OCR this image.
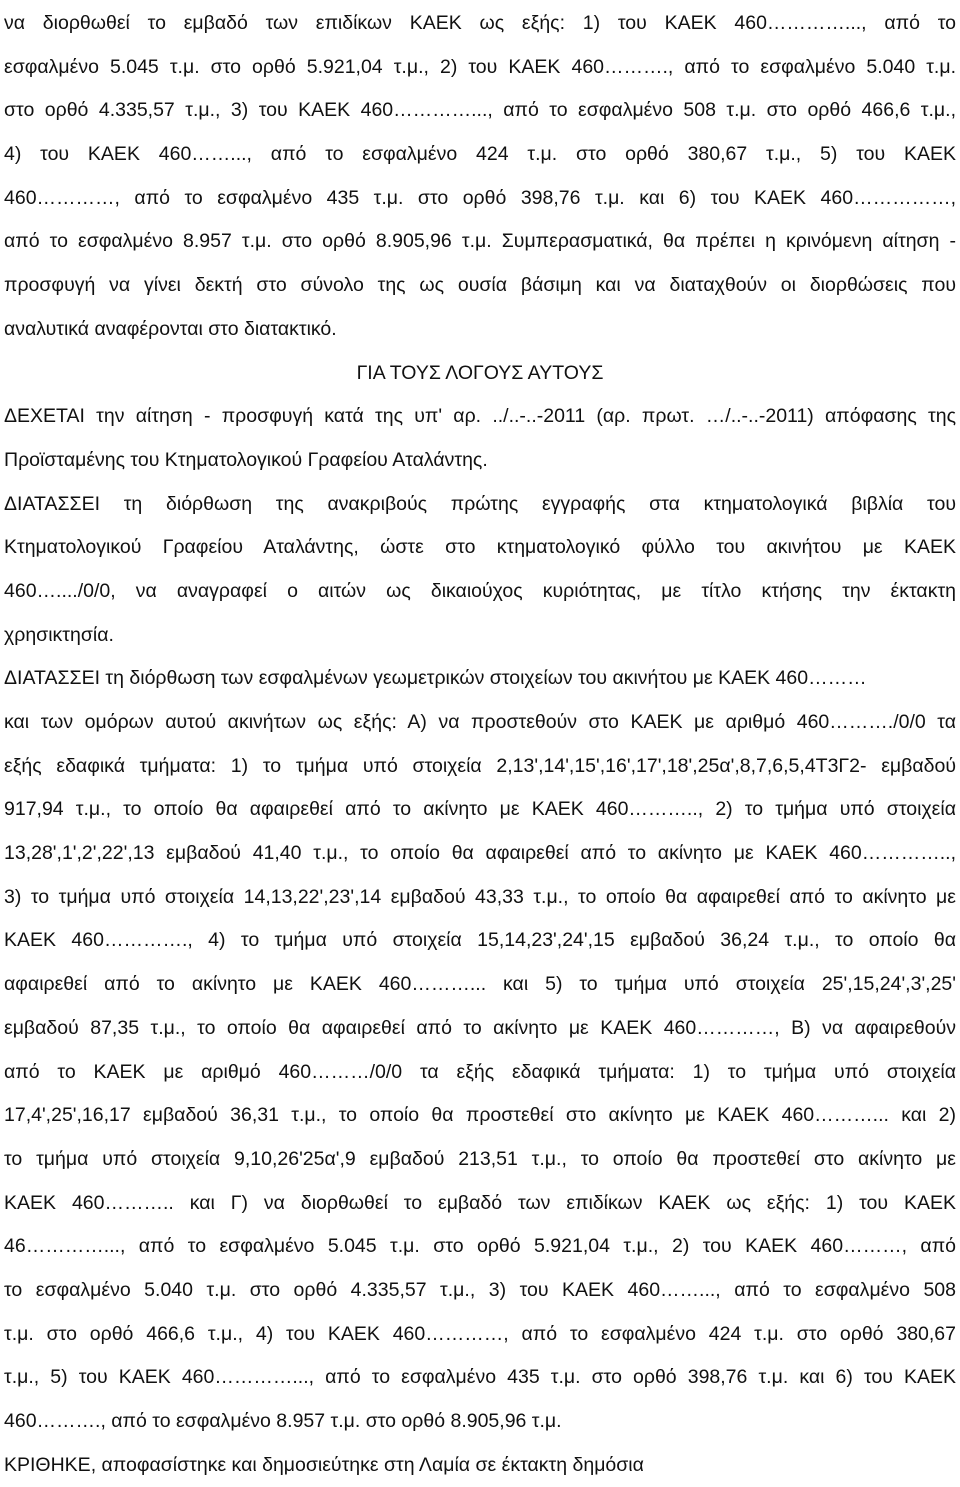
να διορθωθεί το εμβαδό των επιδίκων ΚΑΕΚ ως εξής: 1) του ΚΑΕΚ 460…………..., από το
εσφαλμένο 5.045 τ.μ. στο ορθό 5.921,04 τ.μ., 2) του ΚΑΕΚ 460………., από το εσφαλμένο 5.040 τ.μ.
στο ορθό 4.335,57 τ.μ., 3) του ΚΑΕΚ 460…………..., από το εσφαλμένο 508 τ.μ. στο ορθό 466,6 τ.μ.,
4) του ΚΑΕΚ 460……..., από το εσφαλμένο 424 τ.μ. στο ορθό 380,67 τ.μ., 5) του ΚΑΕΚ
460…………, από το εσφαλμένο 435 τ.μ. στο ορθό 398,76 τ.μ. και 6) του ΚΑΕΚ 460……………,
από το εσφαλμένο 8.957 τ.μ. στο ορθό 8.905,96 τ.μ. Συμπερασματικά, θα πρέπει η κρινόμενη αίτηση -
προσφυγή να γίνει δεκτή στο σύνολο της ως ουσία βάσιμη και να διαταχθούν οι διορθώσεις που
αναλυτικά αναφέρονται στο διατακτικό.
ΓΙΑ ΤΟΥΣ ΛΟΓΟΥΣ ΑΥΤΟΥΣ
ΔΕΧΕΤΑΙ την αίτηση - προσφυγή κατά της υπ' αρ. ../..-..-2011 (αρ. πρωτ. …/..-..-2011) απόφασης της
Προϊσταμένης του Κτηματολογικού Γραφείου Αταλάντης.
ΔΙΑΤΑΣΣΕΙ τη διόρθωση της ανακριβούς πρώτης εγγραφής στα κτηματολογικά βιβλία του
Κτηματολογικού Γραφείου Αταλάντης, ώστε στο κτηματολογικό φύλλο του ακινήτου με ΚΑΕΚ
460…..../0/0, να αναγραφεί ο αιτών ως δικαιούχος κυριότητας, με τίτλο κτήσης την έκτακτη
χρησικτησία.
ΔΙΑΤΑΣΣΕΙ τη διόρθωση των εσφαλμένων γεωμετρικών στοιχείων του ακινήτου με ΚΑΕΚ 460………
και των ομόρων αυτού ακινήτων ως εξής: Α) να προστεθούν στο ΚΑΕΚ με αριθμό 460………./0/0 τα
εξής εδαφικά τμήματα: 1) το τμήμα υπό στοιχεία 2,13',14',15',16',17',18',25α',8,7,6,5,4Τ3Γ2- εμβαδού
917,94 τ.μ., το οποίο θα αφαιρεθεί από το ακίνητο με ΚΑΕΚ 460……….., 2) το τμήμα υπό στοιχεία
13,28',1',2',22',13 εμβαδού 41,40 τ.μ., το οποίο θα αφαιρεθεί από το ακίνητο με ΚΑΕΚ 460…………..,
3) το τμήμα υπό στοιχεία 14,13,22',23',14 εμβαδού 43,33 τ.μ., το οποίο θα αφαιρεθεί από το ακίνητο με
ΚΑΕΚ 460…………., 4) το τμήμα υπό στοιχεία 15,14,23',24',15 εμβαδού 36,24 τ.μ., το οποίο θα
αφαιρεθεί από το ακίνητο με ΚΑΕΚ 460………... και 5) το τμήμα υπό στοιχεία 25',15,24',3',25'
εμβαδού 87,35 τ.μ., το οποίο θα αφαιρεθεί από το ακίνητο με ΚΑΕΚ 460…………, Β) να αφαιρεθούν
από το ΚΑΕΚ με αριθμό 460………/0/0 τα εξής εδαφικά τμήματα: 1) το τμήμα υπό στοιχεία
17,4',25',16,17 εμβαδού 36,31 τ.μ., το οποίο θα προστεθεί στο ακίνητο με ΚΑΕΚ 460………... και 2)
το τμήμα υπό στοιχεία 9,10,26'25α',9 εμβαδού 213,51 τ.μ., το οποίο θα προστεθεί στο ακίνητο με
ΚΑΕΚ 460……….. και Γ) να διορθωθεί το εμβαδό των επιδίκων ΚΑΕΚ ως εξής: 1) του ΚΑΕΚ
46…………..., από το εσφαλμένο 5.045 τ.μ. στο ορθό 5.921,04 τ.μ., 2) του ΚΑΕΚ 460………, από
το εσφαλμένο 5.040 τ.μ. στο ορθό 4.335,57 τ.μ., 3) του ΚΑΕΚ 460……..., από το εσφαλμένο 508
τ.μ. στο ορθό 466,6 τ.μ., 4) του ΚΑΕΚ 460…………, από το εσφαλμένο 424 τ.μ. στο ορθό 380,67
τ.μ., 5) του ΚΑΕΚ 460…………..., από το εσφαλμένο 435 τ.μ. στο ορθό 398,76 τ.μ. και 6) του ΚΑΕΚ
460………., από το εσφαλμένο 8.957 τ.μ. στο ορθό 8.905,96 τ.μ.
ΚΡΙΘΗΚΕ, αποφασίστηκε και δημοσιεύτηκε στη Λαμία σε έκτακτη δημόσια
